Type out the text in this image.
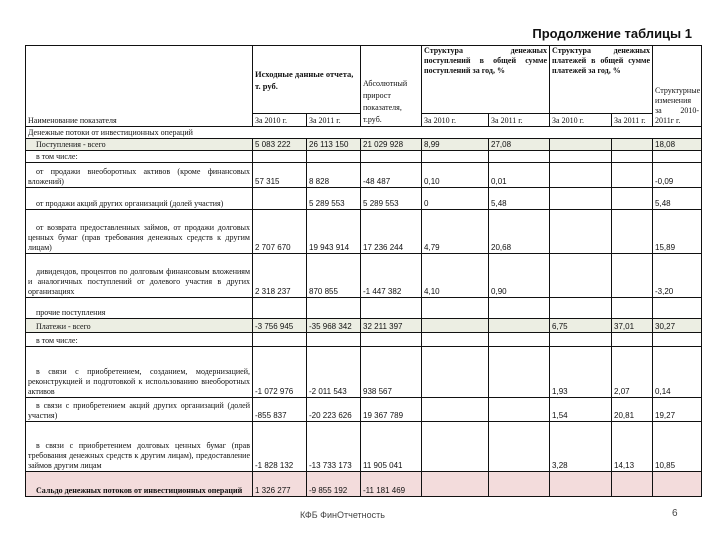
Продолжение таблицы 1
Наименование показателя	Исходные данные отчета, т. руб.		Абсолютный прирост показателя, т.руб.	Структура денежных поступлений в общей сумме поступлений за год, %		Структура денежных платежей в общей сумме платежей за год, %		Структурные изменения за 2010-2011г г.
	За 2010 г.	За 2011 г.		За 2010 г.	За 2011 г.	За 2010 г.	За 2011 г.	
Денежные потоки от инвестиционных операций								
Поступления - всего	5 083 222	26 113 150	21 029 928	8,99	27,08			18,08
в том числе:								
от продажи внеоборотных активов (кроме финансовых вложений)	57 315	8 828	-48 487	0,10	0,01			-0,09
от продажи акций других организаций (долей участия)		5 289 553	5 289 553	0	5,48			5,48
от возврата предоставленных займов, от продажи долговых ценных бумаг (прав требования денежных средств к другим лицам)	2 707 670	19 943 914	17 236 244	4,79	20,68			15,89
дивидендов, процентов по долговым финансовым вложениям и аналогичных поступлений от долевого участия в других организациях	2 318 237	870 855	-1 447 382	4,10	0,90			-3,20
прочие поступления								
Платежи - всего	-3 756 945	-35 968 342	32 211 397			6,75	37,01	30,27
в том числе:								
в связи с приобретением, созданием, модернизацией, реконструкцией и подготовкой к использованию внеоборотных активов	-1 072 976	-2 011 543	938 567			1,93	2,07	0,14
в связи с приобретением акций других организаций (долей участия)	-855 837	-20 223 626	19 367 789			1,54	20,81	19,27
в связи с приобретением долговых ценных бумаг (прав требования денежных средств к другим лицам), предоставление займов другим лицам	-1 828 132	-13 733 173	11 905 041			3,28	14,13	10,85
Сальдо денежных потоков от инвестиционных операций	1 326 277	-9 855 192	-11 181 469					
КФБ ФинОтчетность	6
